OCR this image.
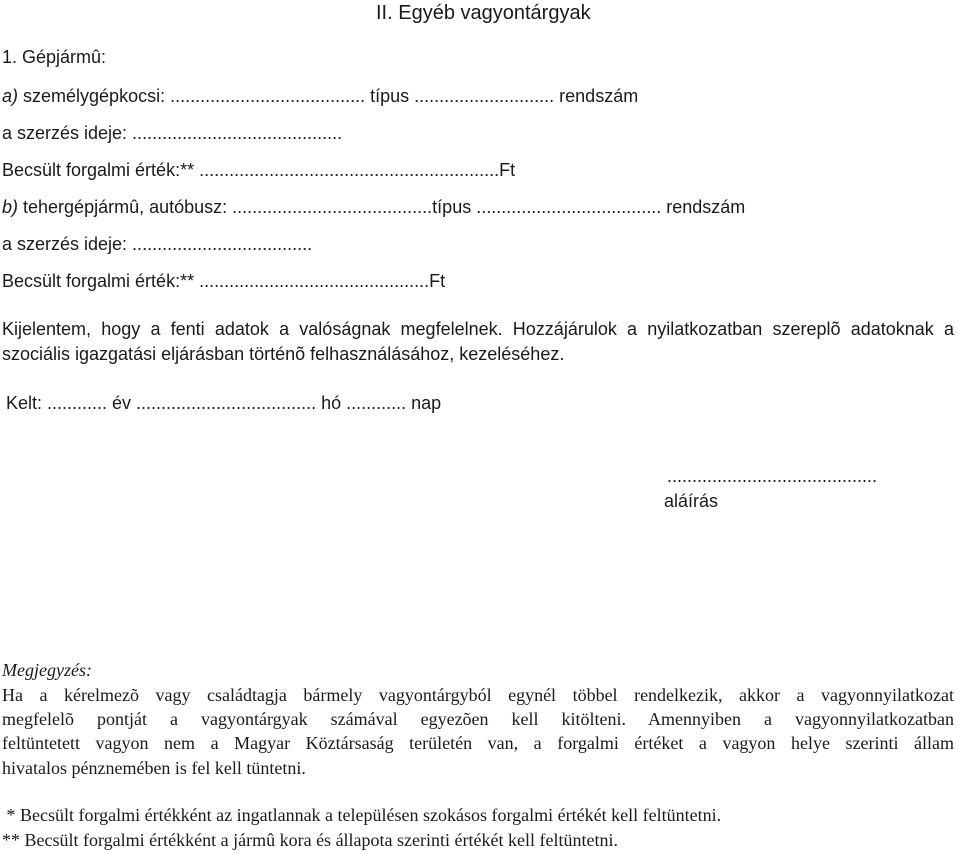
II. Egyéb vagyontárgyak
1. Gépjármû:
a) személygépkocsi: ....................................... típus ............................ rendszám
a szerzés ideje: ..........................................
Becsült forgalmi érték:** ............................................................Ft
b) tehergépjármû, autóbusz: ........................................típus ..................................... rendszám
a szerzés ideje: ....................................
Becsült forgalmi érték:** ..............................................Ft
Kijelentem, hogy a fenti adatok a valóságnak megfelelnek. Hozzájárulok a nyilatkozatban szereplõ adatoknak a
szociális igazgatási eljárásban történõ felhasználásához, kezeléséhez.
Kelt: ............ év .................................... hó ............ nap
..........................................
aláírás
Megjegyzés:
Ha a kérelmezõ vagy családtagja bármely vagyontárgyból egynél többel rendelkezik, akkor a vagyonnyilatkozat
megfelelõ pontját a vagyontárgyak számával egyezõen kell kitölteni. Amennyiben a vagyonnyilatkozatban
feltüntetett vagyon nem a Magyar Köztársaság területén van, a forgalmi értéket a vagyon helye szerinti állam
hivatalos pénznemében is fel kell tüntetni.
* Becsült forgalmi értékként az ingatlannak a településen szokásos forgalmi értékét kell feltüntetni.
** Becsült forgalmi értékként a jármû kora és állapota szerinti értékét kell feltüntetni.
